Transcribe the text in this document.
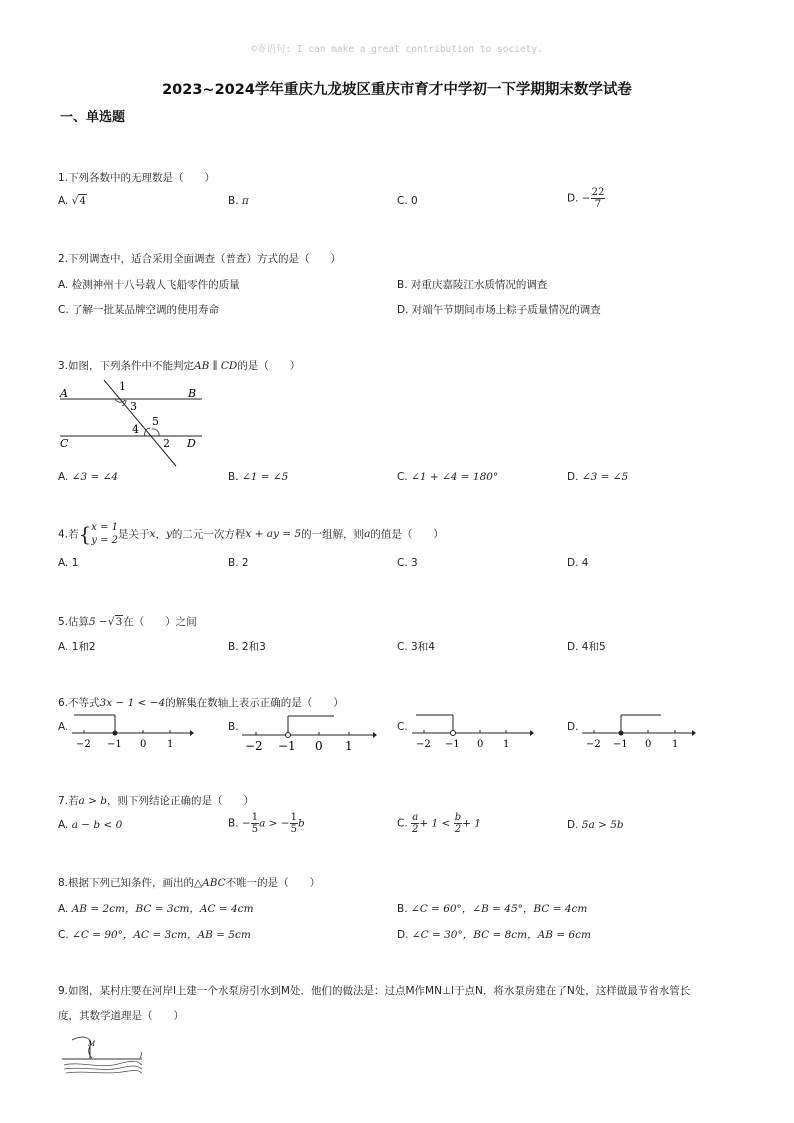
©寄语句: I can make a great contribution to society.
2023~2024学年重庆九龙坡区重庆市育才中学初一下学期期末数学试卷
一、单选题
1.下列各数中的无理数是（　　）
A. √4	B. π	C. 0	D. − $\frac{22}{7}$
2.下列调查中，适合采用全面调查（普查）方式的是（　　）
A. 检测神州十八号载人飞船零件的质量	B. 对重庆嘉陵江水质情况的调查
C. 了解一批某品牌空调的使用寿命	D. 对端午节期间市场上粽子质量情况的调查
3.如图，下列条件中不能判定AB ∥ CD的是（　　）
A	B
C	D
1
2
3
4
5
A. ∠3 = ∠4	B. ∠1 = ∠5	C. ∠1 + ∠4 = 180°	D. ∠3 = ∠5
4.若{ x = 1
y = 2 是关于x，y的二元一次方程x + ay = 5的一组解，则a的值是（　　）
A. 1	B. 2	C. 3	D. 4
5.估算5 −√3在（　　）之间
A. 1和2	B. 2和3	C. 3和4	D. 4和5
6.不等式3x − 1 < −4的解集在数轴上表示正确的是（　　）
A.
−2 −1 0 1
B.
−2 −1 0 1
C.
−2 −1 0 1
D.
−2 −1 0 1
7.若a > b，则下列结论正确的是（　　）
A. a − b < 0	B. − $\frac{1}{5}$ a > − $\frac{1}{5}$ b	C. $\frac{a}{2} + 1 < \frac{b}{2} + 1$	D. 5a > 5b
8.根据下列已知条件，画出的△ABC不唯一的是（　　）
A. AB = 2cm，BC = 3cm，AC = 4cm	B. ∠C = 60°，∠B = 45°，BC = 4cm
C. ∠C = 90°，AC = 3cm，AB = 5cm	D. ∠C = 30°，BC = 8cm，AB = 6cm
9.如图，某村庄要在河岸l上建一个水泵房引水到M处．他们的做法是：过点M作MN⊥l于点N．将水泵房建在了N处，这样做最节省水管长
度，其数学道理是（　　）
M
l
